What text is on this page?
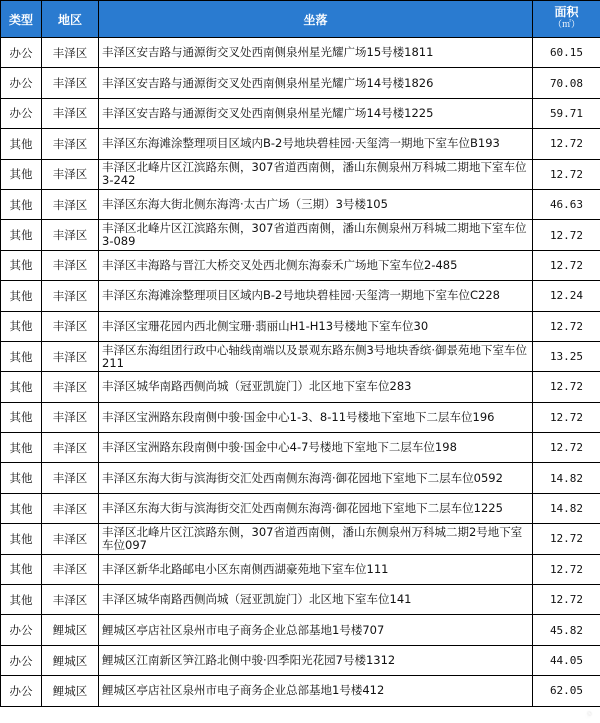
类型	地区	坐落	面积
（㎡）

办公	丰泽区	丰泽区安吉路与通源街交叉处西南侧泉州星光耀广场15号楼1811	60.15
办公	丰泽区	丰泽区安吉路与通源街交叉处西南侧泉州星光耀广场14号楼1826	70.08
办公	丰泽区	丰泽区安吉路与通源街交叉处西南侧泉州星光耀广场14号楼1225	59.71
其他	丰泽区	丰泽区东海滩涂整理项目区域内B-2号地块碧桂园·天玺湾一期地下室车位B193	12.72
其他	丰泽区	丰泽区北峰片区江滨路东侧，307省道西南侧，潘山东侧泉州万科城二期地下室车位3-242	12.72
其他	丰泽区	丰泽区东海大街北侧东海湾·太古广场（三期）3号楼105	46.63
其他	丰泽区	丰泽区北峰片区江滨路东侧，307省道西南侧，潘山东侧泉州万科城二期地下室车位3-089	12.72
其他	丰泽区	丰泽区丰海路与晋江大桥交叉处西北侧东海泰禾广场地下室车位2-485	12.72
其他	丰泽区	丰泽区东海滩涂整理项目区域内B-2号地块碧桂园·天玺湾一期地下室车位C228	12.24
其他	丰泽区	丰泽区宝珊花园内西北侧宝珊·翡丽山H1-H13号楼地下室车位30	12.72
其他	丰泽区	丰泽区东海组团行政中心轴线南端以及景观东路东侧3号地块香缤·御景苑地下室车位211	13.25
其他	丰泽区	丰泽区城华南路西侧尚城（冠亚凯旋门）北区地下室车位283	12.72
其他	丰泽区	丰泽区宝洲路东段南侧中骏·国金中心1-3、8-11号楼地下室地下二层车位196	12.72
其他	丰泽区	丰泽区宝洲路东段南侧中骏·国金中心4-7号楼地下室地下二层车位198	12.72
其他	丰泽区	丰泽区东海大街与滨海街交汇处西南侧东海湾·御花园地下室地下二层车位0592	14.82
其他	丰泽区	丰泽区东海大街与滨海街交汇处西南侧东海湾·御花园地下室地下二层车位1225	14.82
其他	丰泽区	丰泽区北峰片区江滨路东侧，307省道西南侧，潘山东侧泉州万科城二期2号地下室车位097	12.72
其他	丰泽区	丰泽区新华北路邮电小区东南侧西湖豪苑地下室车位111	12.72
其他	丰泽区	丰泽区城华南路西侧尚城（冠亚凯旋门）北区地下室车位141	12.72
办公	鲤城区	鲤城区亭店社区泉州市电子商务企业总部基地1号楼707	45.82
办公	鲤城区	鲤城区江南新区笋江路北侧中骏·四季阳光花园7号楼1312	44.05
办公	鲤城区	鲤城区亭店社区泉州市电子商务企业总部基地1号楼412	62.05
◔
